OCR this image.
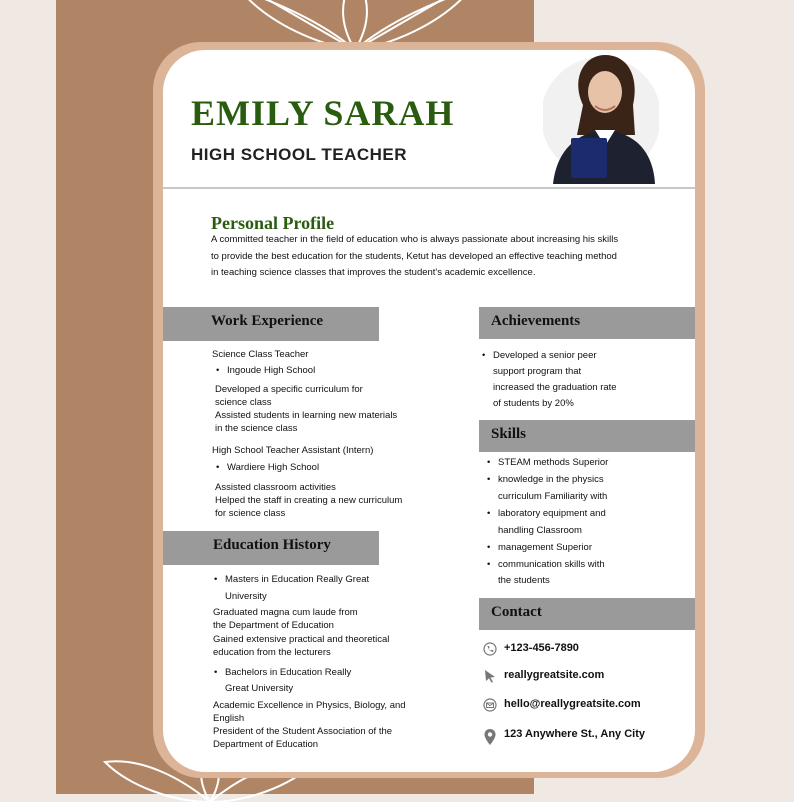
EMILY SARAH
HIGH SCHOOL TEACHER
Personal Profile
A committed teacher in the field of education who is always passionate about increasing his skills
to provide the best education for the students, Ketut has developed an effective teaching method
in teaching science classes that improves the student's academic excellence.
Work Experience
Science Class Teacher
• Ingoude High School
Developed a specific curriculum for
science class
Assisted students in learning new materials
in the science class
High School Teacher Assistant (Intern)
• Wardiere High School
Assisted classroom activities
Helped the staff in creating a new curriculum
for science class
Education History
• Masters in Education Really Great
University
Graduated magna cum laude from
the Department of Education
Gained extensive practical and theoretical
education from the lecturers
• Bachelors in Education Really
Great University
Academic Excellence in Physics, Biology, and
English
President of the Student Association of the
Department of Education
Achievements
• Developed a senior peer
support program that
increased the graduation rate
of students by 20%
Skills
• STEAM methods Superior
• knowledge in the physics
curriculum Familiarity with
• laboratory equipment and
handling Classroom
• management Superior
• communication skills with
the students
Contact
+123-456-7890
reallygreatsite.com
hello@reallygreatsite.com
123 Anywhere St., Any City
